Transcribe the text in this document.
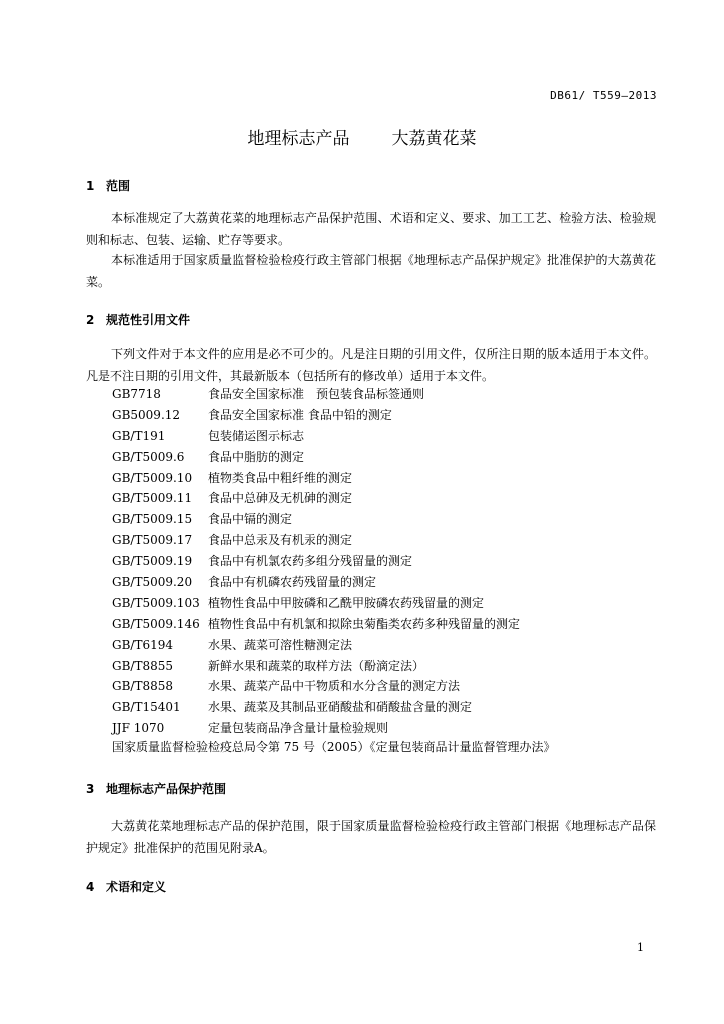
DB61/ T559—2013
地理标志产品 大荔黄花菜
1 范围
本标准规定了大荔黄花菜的地理标志产品保护范围、术语和定义、要求、加工工艺、检验方法、检验规则和标志、包装、运输、贮存等要求。
本标准适用于国家质量监督检验检疫行政主管部门根据《地理标志产品保护规定》批准保护的大荔黄花菜。
2 规范性引用文件
下列文件对于本文件的应用是必不可少的。凡是注日期的引用文件，仅所注日期的版本适用于本文件。凡是不注日期的引用文件，其最新版本（包括所有的修改单）适用于本文件。
GB7718	食品安全国家标准　预包装食品标签通则
GB5009.12 食品安全国家标准 食品中铅的测定
GB/T191	包装储运图示标志
GB/T5009.6 食品中脂肪的测定
GB/T5009.10 植物类食品中粗纤维的测定
GB/T5009.11 食品中总砷及无机砷的测定
GB/T5009.15 食品中镉的测定
GB/T5009.17 食品中总汞及有机汞的测定
GB/T5009.19 食品中有机氯农药多组分残留量的测定
GB/T5009.20 食品中有机磷农药残留量的测定
GB/T5009.103 植物性食品中甲胺磷和乙酰甲胺磷农药残留量的测定
GB/T5009.146 植物性食品中有机氯和拟除虫菊酯类农药多种残留量的测定
GB/T6194	水果、蔬菜可溶性糖测定法
GB/T8855	新鲜水果和蔬菜的取样方法（酚滴定法）
GB/T8858	水果、蔬菜产品中干物质和水分含量的测定方法
GB/T15401 水果、蔬菜及其制品亚硝酸盐和硝酸盐含量的测定
JJF 1070	定量包装商品净含量计量检验规则
国家质量监督检验检疫总局令第 75 号（2005）《定量包装商品计量监督管理办法》
3 地理标志产品保护范围
大荔黄花菜地理标志产品的保护范围，限于国家质量监督检验检疫行政主管部门根据《地理标志产品保护规定》批准保护的范围见附录A。
4 术语和定义
1
